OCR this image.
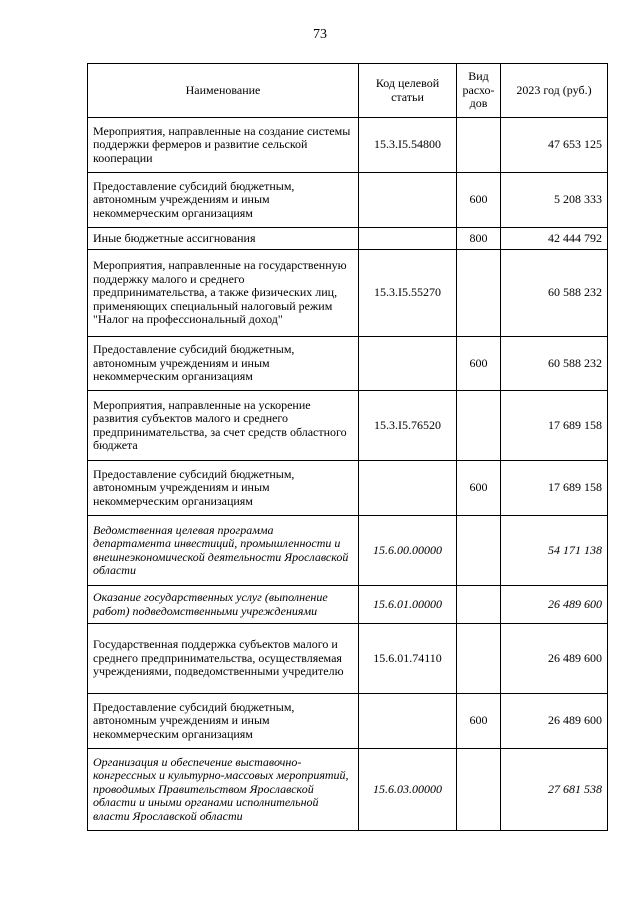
73
Наименование	Код целевой статьи	Вид расхо-дов	2023 год (руб.)
Мероприятия, направленные на создание системы поддержки фермеров и развитие сельской кооперации	15.3.I5.54800		47 653 125
Предоставление субсидий бюджетным, автономным учреждениям и иным некоммерческим организациям		600	5 208 333
Иные бюджетные ассигнования		800	42 444 792
Мероприятия, направленные на государственную поддержку малого и среднего предпринимательства, а также физических лиц, применяющих специальный налоговый режим "Налог на профессиональный доход"	15.3.I5.55270		60 588 232
Предоставление субсидий бюджетным, автономным учреждениям и иным некоммерческим организациям		600	60 588 232
Мероприятия, направленные на ускорение развития субъектов малого и среднего предпринимательства, за счет средств областного бюджета	15.3.I5.76520		17 689 158
Предоставление субсидий бюджетным, автономным учреждениям и иным некоммерческим организациям		600	17 689 158
Ведомственная целевая программа департамента инвестиций, промышленности и внешнеэкономической деятельности Ярославской области	15.6.00.00000		54 171 138
Оказание государственных услуг (выполнение работ) подведомственными учреждениями	15.6.01.00000		26 489 600
Государственная поддержка субъектов малого и среднего предпринимательства, осуществляемая учреждениями, подведомственными учредителю	15.6.01.74110		26 489 600
Предоставление субсидий бюджетным, автономным учреждениям и иным некоммерческим организациям		600	26 489 600
Организация и обеспечение выставочно-конгрессных и культурно-массовых мероприятий, проводимых Правительством Ярославской области и иными органами исполнительной власти Ярославской области	15.6.03.00000		27 681 538
